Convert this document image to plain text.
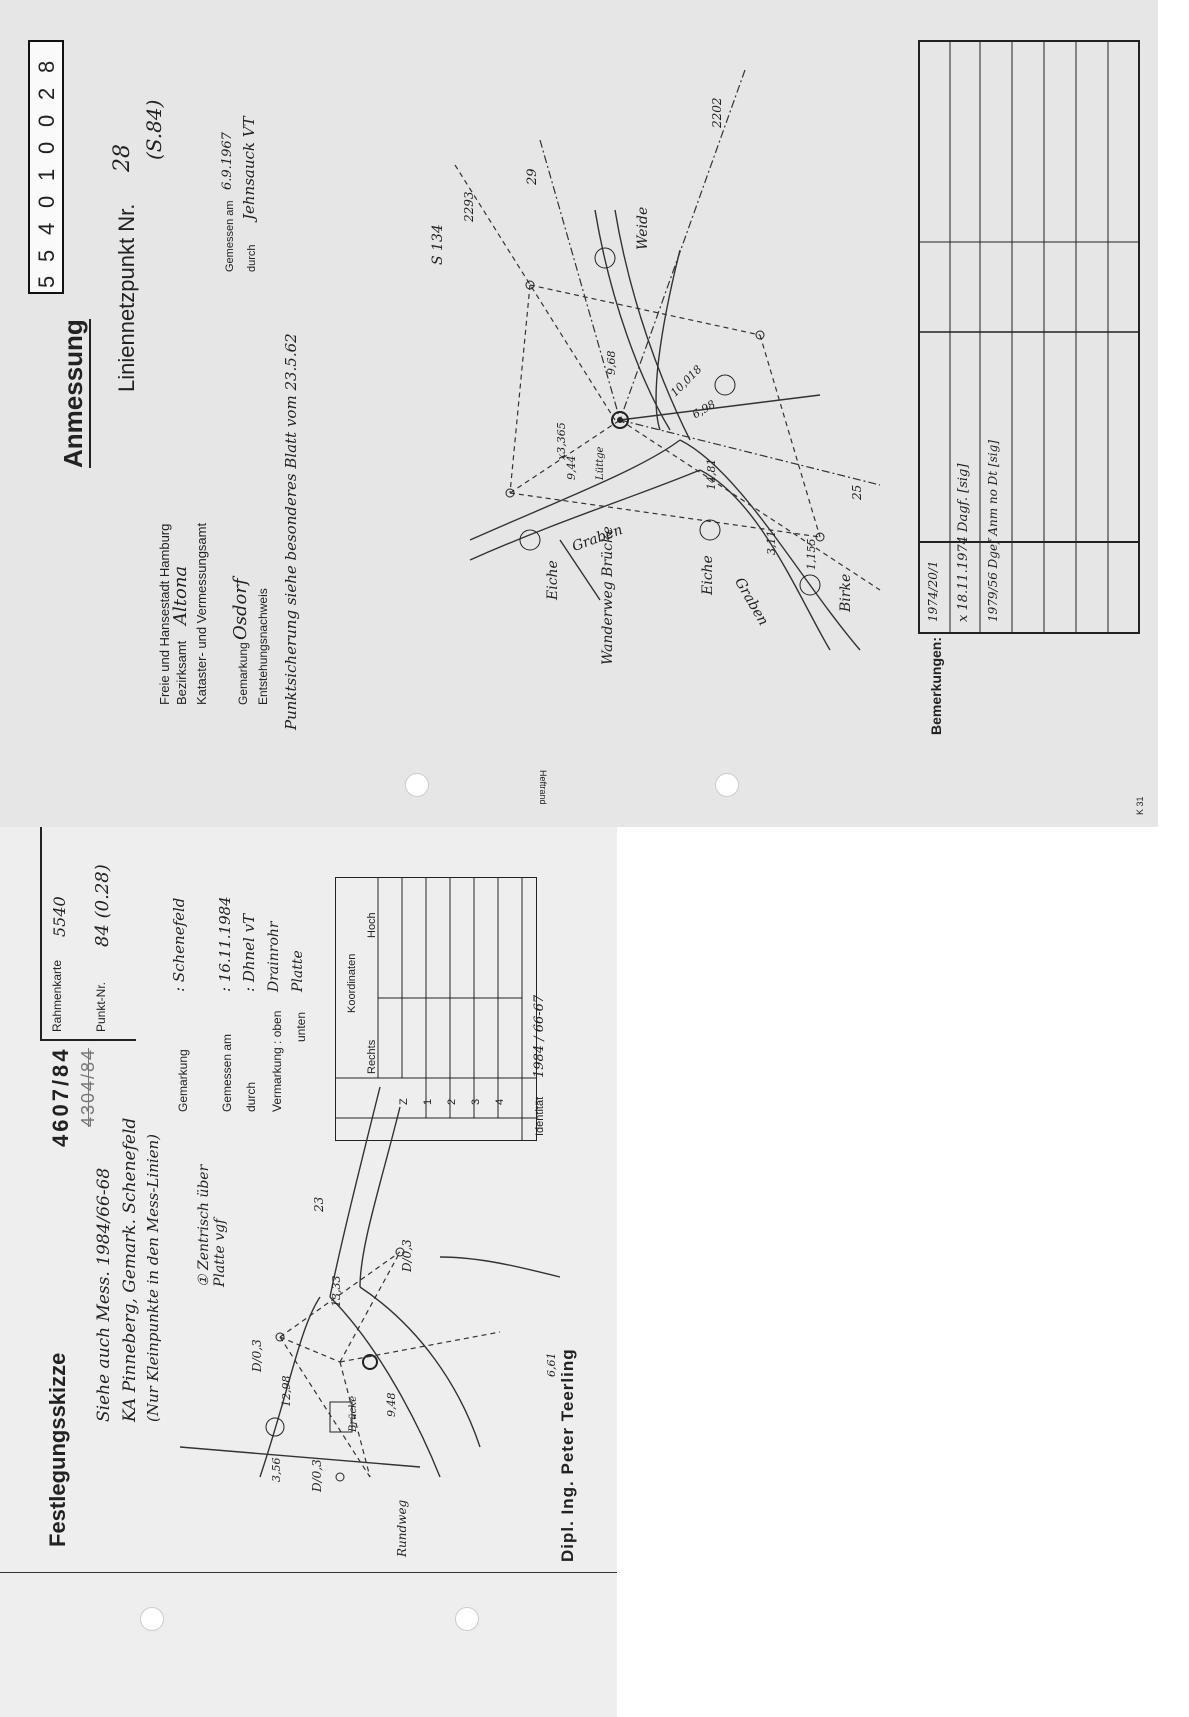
5
5
4
0
1
0
0
2
8
Anmessung
Liniennetzpunkt Nr.
28 (S.84)
Freie und Hansestadt Hamburg Bezirksamt
Altona Kataster- und Vermessungsamt Gemarkung
Osdorf Entstehungsnachweis Punktsicherung siehe besonderes Blatt vom 23.5.62
Gemessen am
6.9.1967
durch
Jehnsauck VT
Graben
Graben
Eiche	Eiche
Weide
Birke
Wanderweg Brücke
9,68
10,018
6,98
9,44
x3,365
14,81
3,11 1,155
2293
S 134
29
2202
25
Lüttge
Heftrand
Bemerkungen:
1974/20/1 x 18.11.1974 Dagf. [sig] 1979/56 Dgef Anm no Dt [sig]
K 31
Festlegungsskizze
4607/84 4304/84
Siehe auch Mess. 1984/66-68 KA Pinneberg, Gemark. Schenefeld (Nur Kleinpunkte in den Mess-Linien)
Rahmenkarte
5540
Punkt-Nr.
84 (0.28)
Gemarkung
: Schenefeld
Gemessen am
: 16.11.1984
durch
: Dhnel vT
Vermarkung : oben
Drainrohr
unten
Platte
① Zentrisch über Platte vgf
Koordinaten
Rechts
Hoch
Z 1 2 3 4	Identität
1984 / 66-67
D/0,3
D/0,3
D/0,3
23
13,33
12,98
3,56
Rundweg
Brücke 9,48
6,61 Dipl. Ing. Peter Teerling
